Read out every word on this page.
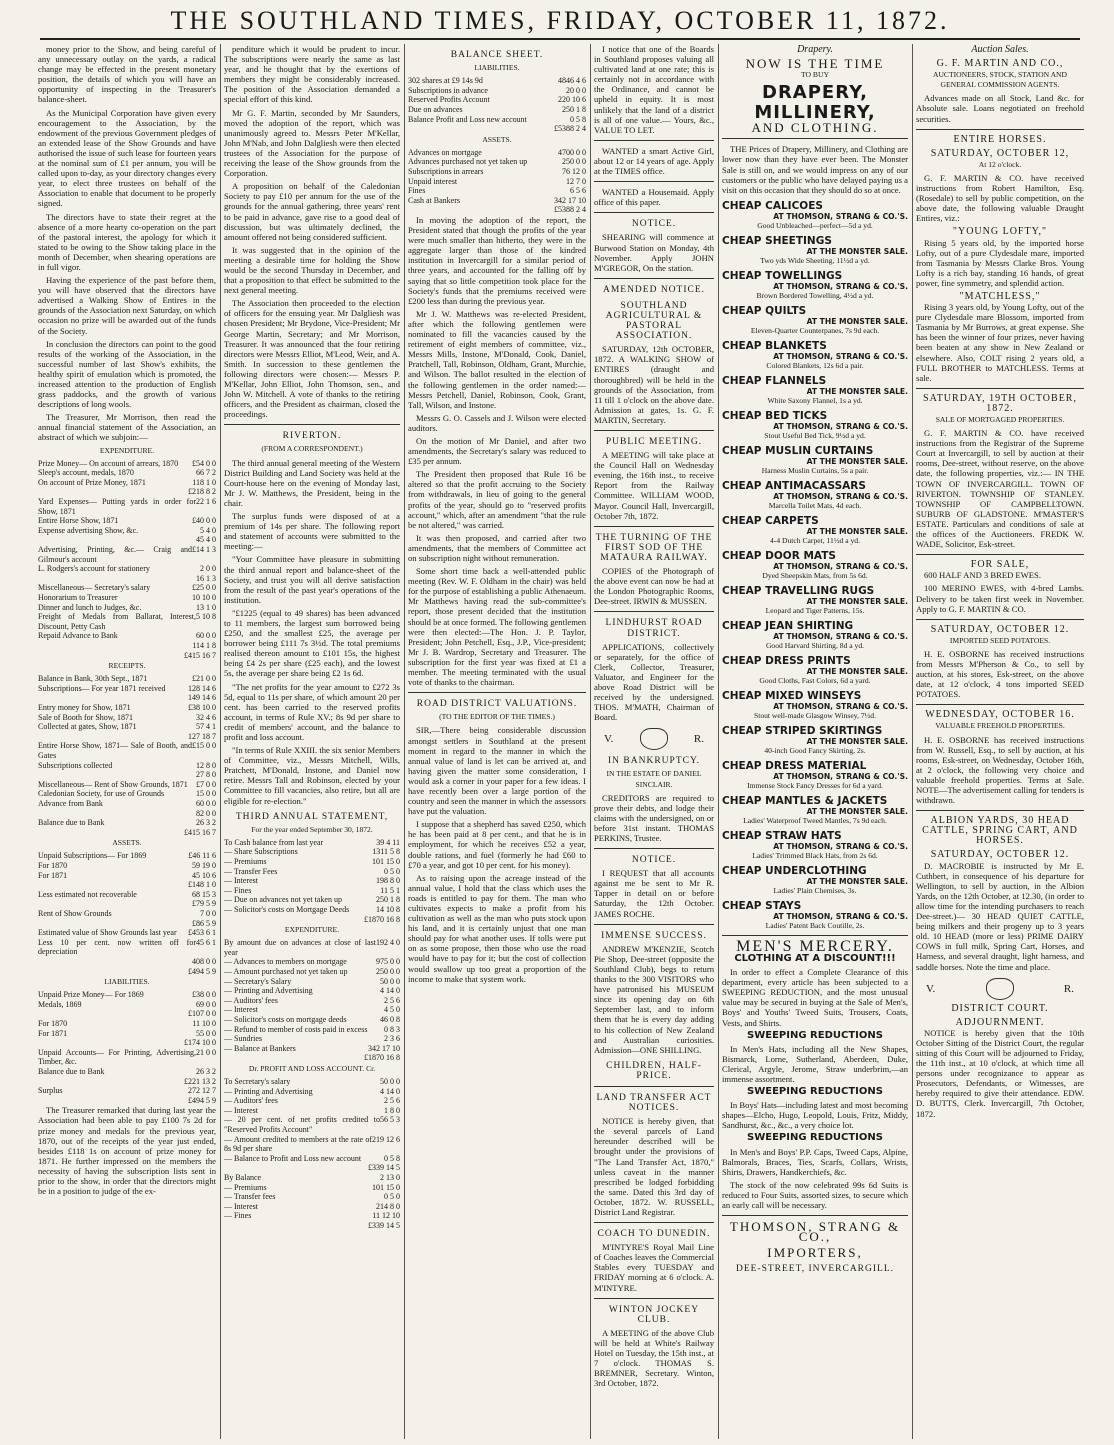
THE SOUTHLAND TIMES, FRIDAY, OCTOBER 11, 1872.

money prior to the Show, and being careful of any unnecessary outlay on the yards, a radical change may be effected in the present monetary position, the details of which you will have an opportunity of inspecting in the Treasurer's balance-sheet.

As the Municipal Corporation have given every encouragement to the Association, by the endowment of the previous Government pledges of an extended lease of the Show Grounds and have authorised the issue of such lease for fourteen years at the nominal sum of £1 per annum, you will be called upon to-day, as your directory changes every year, to elect three trustees on behalf of the Association to enable that document to be properly signed.

The directors have to state their regret at the absence of a more hearty co-operation on the part of the pastoral interest, the apology for which it stated to be owing to the Show taking place in the month of December, when shearing operations are in full vigor.

Having the experience of the past before them, you will have observed that the directors have advertised a Walking Show of Entires in the grounds of the Association next Saturday, on which occasion no prize will be awarded out of the funds of the Society.

In conclusion the directors can point to the good results of the working of the Association, in the successful number of last Show's exhibits, the healthy spirit of emulation which is promoted, the increased attention to the production of English grass paddocks, and the growth of various descriptions of long wools.

The Treasurer, Mr Morrison, then read the annual financial statement of the Association, an abstract of which we subjoin:—

EXPENDITURE.
Prize Money— On account of arrears, 1870 £54 0 0
Sleep's account, medals, 1870	66 7 2
On account of Prize Money, 1871	118 1 0
£218 8 2
Yard Expenses— Putting yards in order for Show, 1871
22 1 6
Entire Horse Show, 1871	£40 0 0
Expense advertising Show, &c.	5 4 0
45 4 0
Advertising, Printing, &c.— Craig and Gilmour's account
£14 1 3
L. Rodgers's account for stationery	2 0 0
16 1 3
Miscellaneous— Secretary's salary	£25 0 0
Honorarium to Treasurer	10 10 0
Dinner and lunch to Judges, &c.	13 1 0
Freight of Medals from Ballarat, Interest, Discount, Petty Cash
5 10 8
Repaid Advance to Bank	60 0 0
114 1 8
£415 16 7
RECEIPTS.
Balance in Bank, 30th Sept., 1871	£21 0 0
Subscriptions— For year 1871 received	128 14 6
149 14 6
Entry money for Show, 1871	£38 10 0
Sale of Booth for Show, 1871	32 4 6
Collected at gates, Show, 1871	57 4 1
127 18 7
Entire Horse Show, 1871— Sale of Booth, and Gates
£15 0 0
Subscriptions collected	12 8 0
27 8 0
Miscellaneous— Rent of Show Grounds, 1871 £7 0 0
Caledonian Society, for use of Grounds	15 0 0
Advance from Bank	60 0 0
82 0 0
Balance due to Bank	26 3 2
£415 16 7
ASSETS.
Unpaid Subscriptions— For 1869	£46 11 6
For 1870	59 19 0
For 1871	45 10 6
£148 1 0
Less estimated not recoverable	68 15 3
£79 5 9
Rent of Show Grounds	7 0 0
£86 5 9
Estimated value of Show Grounds last year £453 6 1
Less 10 per cent. now written off for depreciation
45 6 1
408 0 0
£494 5 9
LIABILITIES.
Unpaid Prize Money— For 1869	£38 0 0
Medals, 1869	69 0 0
£107 0 0
For 1870	11 10 0
For 1871	55 0 0
£174 10 0
Unpaid Accounts— For Printing, Advertising, Timber, &c.
21 0 0
Balance due to Bank	26 3 2
£221 13 2
Surplus	272 12 7
£494 5 9

The Treasurer remarked that during last year the Association had been able to pay £100 7s 2d for prize money and medals for the previous year, 1870, out of the receipts of the year just ended, besides £118 1s on account of prize money for 1871. He further impressed on the members the necessity of having the subscription lists sent in prior to the show, in order that the directors might be in a position to judge of the ex-

penditure which it would be prudent to incur. The subscriptions were nearly the same as last year, and he thought that by the exertions of members they might be considerably increased. The position of the Association demanded a special effort of this kind.

Mr G. F. Martin, seconded by Mr Saunders, moved the adoption of the report, which was unanimously agreed to. Messrs Peter M'Kellar, John M'Nab, and John Dalgliesh were then elected trustees of the Association for the purpose of receiving the lease of the Show grounds from the Corporation.

A proposition on behalf of the Caledonian Society to pay £10 per annum for the use of the grounds for the annual gathering, three years' rent to be paid in advance, gave rise to a good deal of discussion, but was ultimately declined, the amount offered not being considered sufficient.

It was suggested that in the opinion of the meeting a desirable time for holding the Show would be the second Thursday in December, and that a proposition to that effect be submitted to the next general meeting.

The Association then proceeded to the election of officers for the ensuing year. Mr Dalgliesh was chosen President; Mr Brydone, Vice-President; Mr George Martin, Secretary; and Mr Morrison, Treasurer. It was announced that the four retiring directors were Messrs Elliot, M'Leod, Weir, and A. Smith. In succession to these gentlemen the following directors were chosen:— Messrs P. M'Kellar, John Elliot, John Thomson, sen., and John W. Mitchell. A vote of thanks to the retiring officers, and the President as chairman, closed the proceedings.

RIVERTON.
(FROM A CORRESPONDENT.)

The third annual general meeting of the Western District Building and Land Society was held at the Court-house here on the evening of Monday last, Mr J. W. Matthews, the President, being in the chair.

The surplus funds were disposed of at a premium of 14s per share. The following report and statement of accounts were submitted to the meeting:—

"Your Committee have pleasure in submitting the third annual report and balance-sheet of the Society, and trust you will all derive satisfaction from the result of the past year's operations of the institution.

"£1225 (equal to 49 shares) has been advanced to 11 members, the largest sum borrowed being £250, and the smallest £25, the average per borrower being £111 7s 3½d. The total premiums realised thereon amount to £101 15s, the highest being £4 2s per share (£25 each), and the lowest 5s, the average per share being £2 1s 6d.

"The net profits for the year amount to £272 3s 5d, equal to 11s per share, of which amount 20 per cent. has been carried to the reserved profits account, in terms of Rule XV.; 8s 9d per share to credit of members' account, and the balance to profit and loss account.

"In terms of Rule XXIII. the six senior Members of Committee, viz., Messrs Mitchell, Wills, Pratchett, M'Donald, Instone, and Daniel now retire. Messrs Tall and Robinson, elected by your Committee to fill vacancies, also retire, but all are eligible for re-election."

THIRD ANNUAL STATEMENT,
For the year ended September 30, 1872.
To Cash balance from last year	39 4 11
— Share Subscriptions	1311 5 8
— Premiums	101 15 0
— Transfer Fees	0 5 0
— Interest	198 8 0
— Fines	11 5 1
— Due on advances not yet taken up	250 1 8
— Solicitor's costs on Mortgage Deeds	14 10 8
£1870 16 8
EXPENDITURE.
By amount due on advances at close of last year
192 4 0
— Advances to members on mortgage	975 0 0
— Amount purchased not yet taken up	250 0 0
— Secretary's Salary	50 0 0
— Printing and Advertising	4 14 0
— Auditors' fees	2 5 6
— Interest	4 5 0
— Solicitor's costs on mortgage deeds	46 0 8
— Refund to member of costs paid in excess 0 8 3
— Sundries	2 3 6
— Balance at Bankers	342 17 10
£1870 16 8
Dr. PROFIT AND LOSS ACCOUNT. Cr.
To Secretary's salary	50 0 0
— Printing and Advertising	4 14 0
— Auditors' fees	2 5 6
— Interest	1 8 0
— 20 per cent. of net profits credited to "Reserved Profits Account"
56 5 3
— Amount credited to members at the rate of 8s 9d per share
219 12 6
— Balance to Profit and Loss new account	0 5 8
£339 14 5
By Balance	2 13 0
— Premiums	101 15 0
— Transfer fees	0 5 0
— Interest	214 8 0
— Fines	11 12 10
£339 14 5
BALANCE SHEET.
LIABILITIES.
302 shares at £9 14s 9d	4846 4 6
Subscriptions in advance	20 0 0
Reserved Profits Account	220 10 6
Due on advances	250 1 8
Balance Profit and Loss new account	0 5 8
£5388 2 4
ASSETS.
Advances on mortgage	4700 0 0
Advances purchased not yet taken up	250 0 0
Subscriptions in arrears	76 12 0
Unpaid interest	12 7 0
Fines	6 5 6
Cash at Bankers	342 17 10
£5388 2 4

In moving the adoption of the report, the President stated that though the profits of the year were much smaller than hitherto, they were in the aggregate larger than those of the kindred institution in Invercargill for a similar period of three years, and accounted for the falling off by saying that so little competition took place for the Society's funds that the premiums received were £200 less than during the previous year.

Mr J. W. Matthews was re-elected President, after which the following gentlemen were nominated to fill the vacancies caused by the retirement of eight members of committee, viz., Messrs Mills, Instone, M'Donald, Cook, Daniel, Pratchell, Tall, Robinson, Oldham, Grant, Murchie, and Wilson. The ballot resulted in the election of the following gentlemen in the order named:—Messrs Petchell, Daniel, Robinson, Cook, Grant, Tall, Wilson, and Instone.

Messrs G. O. Cassels and J. Wilson were elected auditors.

On the motion of Mr Daniel, and after two amendments, the Secretary's salary was reduced to £35 per annum.

The President then proposed that Rule 16 be altered so that the profit accruing to the Society from withdrawals, in lieu of going to the general profits of the year, should go to "reserved profits account," which, after an amendment "that the rule be not altered," was carried.

It was then proposed, and carried after two amendments, that the members of Committee act on subscription night without remuneration.

Some short time back a well-attended public meeting (Rev. W. F. Oldham in the chair) was held for the purpose of establishing a public Athenaeum. Mr Matthews having read the sub-committee's report, those present decided that the institution should be at once formed. The following gentlemen were then elected:—The Hon. J. P. Taylor, President; John Petchell, Esq., J.P., Vice-president; Mr J. B. Wardrop, Secretary and Treasurer. The subscription for the first year was fixed at £1 a member. The meeting terminated with the usual vote of thanks to the chairman.

ROAD DISTRICT VALUATIONS.
(TO THE EDITOR OF THE TIMES.)

SIR,—There being considerable discussion amongst settlers in Southland at the present moment in regard to the manner in which the annual value of land is let can be arrived at, and having given the matter some consideration, I would ask a corner in your paper for a few ideas. I have recently been over a large portion of the country and seen the manner in which the assessors have put the valuation.

I suppose that a shepherd has saved £250, which he has been paid at 8 per cent., and that he is in employment, for which he receives £52 a year, double rations, and fuel (formerly he had £60 to £70 a year, and got 10 per cent. for his money).

As to raising upon the acreage instead of the annual value, I hold that the class which uses the roads is entitled to pay for them. The man who cultivates expects to make a profit from his cultivation as well as the man who puts stock upon his land, and it is certainly unjust that one man should pay for what another uses. If tolls were put on as some propose, then those who use the road would have to pay for it; but the cost of collection would swallow up too great a proportion of the income to make that system work.

I notice that one of the Boards in Southland proposes valuing all cultivated land at one rate; this is certainly not in accordance with the Ordinance, and cannot be upheld in equity. It is most unlikely that the land of a district is all of one value.— Yours, &c., VALUE TO LET.

WANTED a smart Active Girl, about 12 or 14 years of age. Apply at the TIMES office.

WANTED a Housemaid. Apply office of this paper.

NOTICE.

SHEARING will commence at Burwood Station on Monday, 4th November. Apply JOHN M'GREGOR, On the station.

AMENDED NOTICE.
SOUTHLAND AGRICULTURAL & PASTORAL ASSOCIATION.

SATURDAY, 12th OCTOBER, 1872. A WALKING SHOW of ENTIRES (draught and thoroughbred) will be held in the grounds of the Association, from 11 till 1 o'clock on the above date. Admission at gates, 1s. G. F. MARTIN, Secretary.

PUBLIC MEETING.

A MEETING will take place at the Council Hall on Wednesday evening, the 16th inst., to receive Report from the Railway Committee. WILLIAM WOOD, Mayor. Council Hall, Invercargill, October 7th, 1872.

THE TURNING OF THE FIRST SOD OF THE MATAURA RAILWAY.

COPIES of the Photograph of the above event can now be had at the London Photographic Rooms, Dee-street. IRWIN & MUSSEN.

LINDHURST ROAD DISTRICT.

APPLICATIONS, collectively or separately, for the office of Clerk, Collector, Treasurer, Valuator, and Engineer for the above Road District will be received by the undersigned. THOS. M'MATH, Chairman of Board.

V.	R.
IN BANKRUPTCY.
IN THE ESTATE OF DANIEL SINCLAIR.

CREDITORS are required to prove their debts, and lodge their claims with the undersigned, on or before 31st instant. THOMAS PERKINS, Trustee.

NOTICE.

I REQUEST that all accounts against me be sent to Mr R. Tapper in detail on or before Saturday, the 12th October. JAMES ROCHE.

IMMENSE SUCCESS.

ANDREW M'KENZIE, Scotch Pie Shop, Dee-street (opposite the Southland Club), begs to return thanks to the 300 VISITORS who have patronised his MUSEUM since its opening day on 6th September last, and to inform them that he is every day adding to his collection of New Zealand and Australian curiosities. Admission—ONE SHILLING.

CHILDREN, HALF-PRICE.
LAND TRANSFER ACT NOTICES.

NOTICE is hereby given, that the several parcels of Land hereunder described will be brought under the provisions of "The Land Transfer Act, 1870," unless caveat in the manner prescribed be lodged forbidding the same. Dated this 3rd day of October, 1872. W. RUSSELL, District Land Registrar.

COACH TO DUNEDIN.

M'INTYRE'S Royal Mail Line of Coaches leaves the Commercial Stables every TUESDAY and FRIDAY morning at 6 o'clock. A. M'INTYRE.

WINTON JOCKEY CLUB.

A MEETING of the above Club will be held at White's Railway Hotel on Tuesday, the 15th inst., at 7 o'clock. THOMAS S. BREMNER, Secretary. Winton, 3rd October, 1872.

Drapery.
NOW IS THE TIME
TO BUY
DRAPERY, MILLINERY,
AND CLOTHING.

THE Prices of Drapery, Millinery, and Clothing are lower now than they have ever been. The Monster Sale is still on, and we would impress on any of our customers or the public who have delayed paying us a visit on this occasion that they should do so at once.

CHEAP CALICOES
AT THOMSON, STRANG & CO.'S.
Good Unbleached—perfect—5d a yd.
CHEAP SHEETINGS
AT THE MONSTER SALE.
Two yds Wide Sheeting, 11½d a yd.
CHEAP TOWELLINGS
AT THOMSON, STRANG & CO.'S.
Brown Bordered Towelling, 4½d a yd.
CHEAP QUILTS
AT THE MONSTER SALE.
Eleven-Quarter Counterpanes, 7s 9d each.
CHEAP BLANKETS
AT THOMSON, STRANG & CO.'S.
Colored Blankets, 12s 6d a pair.
CHEAP FLANNELS
AT THE MONSTER SALE.
White Saxony Flannel, 1s a yd.
CHEAP BED TICKS
AT THOMSON, STRANG & CO.'S.
Stout Useful Bed Tick, 9½d a yd.
CHEAP MUSLIN CURTAINS
AT THE MONSTER SALE.
Harness Muslin Curtains, 5s a pair.
CHEAP ANTIMACASSARS
AT THOMSON, STRANG & CO.'S.
Marcella Toilet Mats, 4d each.
CHEAP CARPETS
AT THE MONSTER SALE.
4-4 Dutch Carpet, 11½d a yd.
CHEAP DOOR MATS
AT THOMSON, STRANG & CO.'S.
Dyed Sheepskin Mats, from 5s 6d.
CHEAP TRAVELLING RUGS
AT THE MONSTER SALE.
Leopard and Tiger Patterns, 15s.
CHEAP JEAN SHIRTING
AT THOMSON, STRANG & CO.'S.
Good Harvard Shirting, 8d a yd.
CHEAP DRESS PRINTS
AT THE MONSTER SALE.
Good Cloths, Fast Colors, 6d a yard.
CHEAP MIXED WINSEYS
AT THOMSON, STRANG & CO.'S.
Stout well-made Glasgow Winsey, 7½d.
CHEAP STRIPED SKIRTINGS
AT THE MONSTER SALE.
40-inch Good Fancy Skirting, 2s.
CHEAP DRESS MATERIAL
AT THOMSON, STRANG & CO.'S.
Immense Stock Fancy Dresses for 6d a yard.
CHEAP MANTLES & JACKETS
AT THE MONSTER SALE.
Ladies' Waterproof Tweed Mantles, 7s 9d each.
CHEAP STRAW HATS
AT THOMSON, STRANG & CO.'S.
Ladies' Trimmed Black Hats, from 2s 6d.
CHEAP UNDERCLOTHING
AT THE MONSTER SALE.
Ladies' Plain Chemises, 3s.
CHEAP STAYS
AT THOMSON, STRANG & CO.'S.
Ladies' Patent Back Coutille, 2s.
MEN'S MERCERY.
CLOTHING AT A DISCOUNT!!!

In order to effect a Complete Clearance of this department, every article has been subjected to a SWEEPING REDUCTION, and the most unusual value may be secured in buying at the Sale of Men's, Boys' and Youths' Tweed Suits, Trousers, Coats, Vests, and Shirts.

SWEEPING REDUCTIONS

In Men's Hats, including all the New Shapes, Bismarck, Lorne, Sutherland, Aberdeen, Duke, Clerical, Argyle, Jerome, Straw underbrim,—an immense assortment.

SWEEPING REDUCTIONS

In Boys' Hats—including latest and most becoming shapes—Elcho, Hugo, Leopold, Louis, Fritz, Middy, Sandhurst, &c., &c., a very choice lot.

SWEEPING REDUCTIONS

In Men's and Boys' P.P. Caps, Tweed Caps, Alpine, Balmorals, Braces, Ties, Scarfs, Collars, Wrists, Shirts, Drawers, Handkerchiefs, &c.

The stock of the now celebrated 99s 6d Suits is reduced to Four Suits, assorted sizes, to secure which an early call will be necessary.

THOMSON, STRANG & CO.,
IMPORTERS,
DEE-STREET, INVERCARGILL.
Auction Sales.
G. F. MARTIN AND CO.,
AUCTIONEERS, STOCK, STATION AND GENERAL COMMISSION AGENTS.

Advances made on all Stock, Land &c. for Absolute sale. Loans negotiated on freehold securities.

ENTIRE HORSES.
SATURDAY, OCTOBER 12,
At 12 o'clock.

G. F. MARTIN & CO. have received instructions from Robert Hamilton, Esq. (Rosedale) to sell by public competition, on the above date, the following valuable Draught Entires, viz.:

"YOUNG LOFTY,"

Rising 5 years old, by the imported horse Lofty, out of a pure Clydesdale mare, imported from Tasmania by Messrs Clarke Bros. Young Lofty is a rich bay, standing 16 hands, of great power, fine symmetry, and splendid action.

"MATCHLESS,"

Rising 3 years old, by Young Lofty, out of the pure Clydesdale mare Blossom, imported from Tasmania by Mr Burrows, at great expense. She has been the winner of four prizes, never having been beaten at any show in New Zealand or elsewhere. Also, COLT rising 2 years old, a FULL BROTHER to MATCHLESS. Terms at sale.

SATURDAY, 19TH OCTOBER, 1872.
SALE OF MORTGAGED PROPERTIES.

G. F. MARTIN & CO. have received instructions from the Registrar of the Supreme Court at Invercargill, to sell by auction at their rooms, Dee-street, without reserve, on the above date, the following properties, viz.:— IN THE TOWN OF INVERCARGILL. TOWN OF RIVERTON. TOWNSHIP OF STANLEY. TOWNSHIP OF CAMPBELLTOWN. SUBURB OF GLADSTONE. M'MASTER'S ESTATE. Particulars and conditions of sale at the offices of the Auctioneers. FREDK W. WADE, Solicitor, Esk-street.

FOR SALE,

600 HALF AND 3 BRED EWES.

100 MERINO EWES, with 4-bred Lambs. Delivery to be taken first week in November. Apply to G. F. MARTIN & CO.

SATURDAY, OCTOBER 12.
IMPORTED SEED POTATOES.

H. E. OSBORNE has received instructions from Messrs M'Pherson & Co., to sell by auction, at his stores, Esk-street, on the above date, at 12 o'clock, 4 tons imported SEED POTATOES.

WEDNESDAY, OCTOBER 16.
VALUABLE FREEHOLD PROPERTIES.

H. E. OSBORNE has received instructions from W. Russell, Esq., to sell by auction, at his rooms, Esk-street, on Wednesday, October 16th, at 2 o'clock, the following very choice and valuable freehold properties. Terms at Sale. NOTE—The advertisement calling for tenders is withdrawn.

ALBION YARDS, 30 HEAD CATTLE, SPRING CART, AND HORSES.
SATURDAY, OCTOBER 12.

D. MACROBIE is instructed by Mr E. Cuthbert, in consequence of his departure for Wellington, to sell by auction, in the Albion Yards, on the 12th October, at 12.30, (in order to allow time for the intending purchasers to reach Dee-street.)— 30 HEAD QUIET CATTLE, being milkers and their progeny up to 3 years old. 10 HEAD (more or less) PRIME DAIRY COWS in full milk, Spring Cart, Horses, and Harness, and several draught, light harness, and saddle horses. Note the time and place.

V.	R.
DISTRICT COURT.
ADJOURNMENT.

NOTICE is hereby given that the 10th October Sitting of the District Court, the regular sitting of this Court will be adjourned to Friday, the 11th inst., at 10 o'clock, at which time all persons under recognizance to appear as Prosecutors, Defendants, or Witnesses, are hereby required to give their attendance. EDW. D. BUTTS, Clerk. Invercargill, 7th October, 1872.
